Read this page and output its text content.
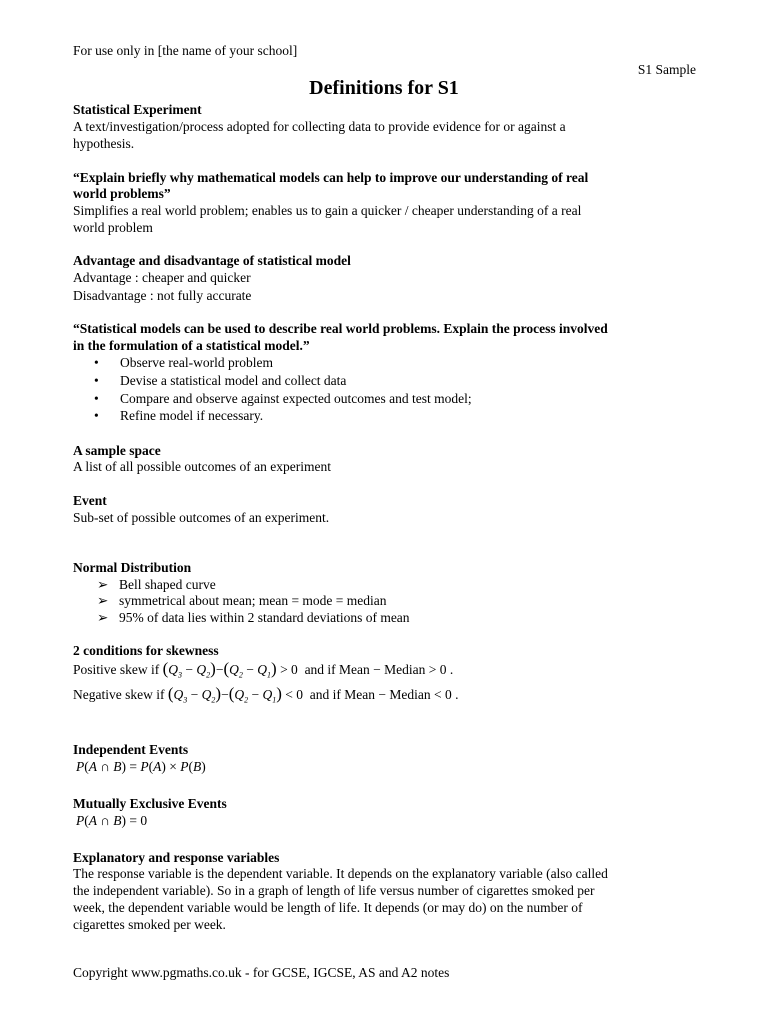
For use only in [the name of your school]
S1 Sample
Definitions for S1
Statistical Experiment
A text/investigation/process adopted for collecting data to provide evidence for or against a
hypothesis.
“Explain briefly why mathematical models can help to improve our understanding of real
world problems”
Simplifies a real world problem; enables us to gain a quicker / cheaper understanding of a real
world problem
Advantage and disadvantage of statistical model
Advantage : cheaper and quicker
Disadvantage : not fully accurate
“Statistical models can be used to describe real world problems. Explain the process involved
in the formulation of a statistical model.”
• Observe real-world problem
• Devise a statistical model and collect data
• Compare and observe against expected outcomes and test model;
• Refine model if necessary.
A sample space
A list of all possible outcomes of an experiment
Event
Sub-set of possible outcomes of an experiment.
Normal Distribution
➢ Bell shaped curve
➢ symmetrical about mean; mean = mode = median
➢ 95% of data lies within 2 standard deviations of mean
2 conditions for skewness
Positive skew if $(Q_3 - Q_2)-(Q_2 - Q_1) > 0$ and if Mean − Median > 0 .
Negative skew if $(Q_3 - Q_2)-(Q_2 - Q_1) < 0$ and if Mean − Median < 0 .
Independent Events
P(A ∩ B) = P(A) × P(B)
Mutually Exclusive Events
P(A ∩ B) = 0
Explanatory and response variables
The response variable is the dependent variable. It depends on the explanatory variable (also called
the independent variable). So in a graph of length of life versus number of cigarettes smoked per
week, the dependent variable would be length of life. It depends (or may do) on the number of
cigarettes smoked per week.
Copyright www.pgmaths.co.uk - for GCSE, IGCSE, AS and A2 notes
